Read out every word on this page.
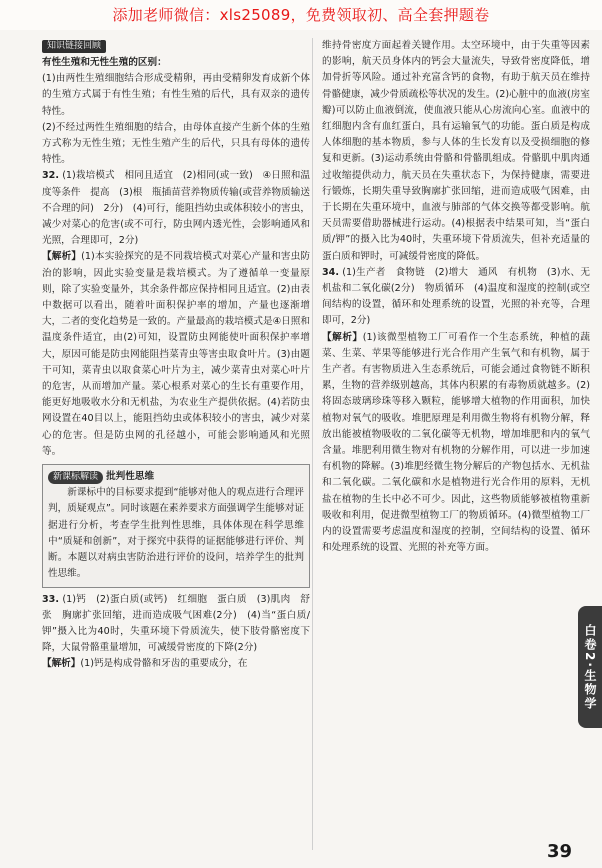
添加老师微信：xls25089，免费领取初、高全套押题卷
知识链接回顾

有性生殖和无性生殖的区别：

(1)由两性生殖细胞结合形成受精卵，再由受精卵发育成新个体的生殖方式属于有性生殖；有性生殖的后代，具有双亲的遗传特性。

(2)不经过两性生殖细胞的结合，由母体直接产生新个体的生殖方式称为无性生殖；无性生殖产生的后代，只具有母体的遗传特性。

32. (1)栽培模式　相同且适宜　(2)相同(或一致)　④日照和温度等条件　提高　(3)根　瓶插苗营养物质传输(或营养物质输送不合理的问)　2分)　(4)可行，能阻挡幼虫或体积较小的害虫，减少对菜心的危害(或不可行，防虫网内透光性，会影响通风和光照，合理即可，2分)

【解析】(1)本实验探究的是不同栽培模式对菜心产量和害虫防治的影响，因此实验变量是栽培模式。为了遵循单一变量原则，除了实验变量外，其余条件都应保持相同且适宜。(2)由表中数据可以看出，随着叶面积保护率的增加，产量也逐渐增大，二者的变化趋势是一致的。产量最高的栽培模式是④日照和温度条件适宜，由(2)可知，设置防虫网能使叶面积保护率增大，原因可能是防虫网能阻挡菜青虫等害虫取食叶片。(3)由题干可知，菜青虫以取食菜心叶片为主，减少菜青虫对菜心叶片的危害，从而增加产量。菜心根系对菜心的生长有重要作用，能更好地吸收水分和无机盐，为农业生产提供依据。(4)若防虫网设置在40目以上，能阻挡幼虫或体积较小的害虫，减少对菜心的危害。但是防虫网的孔径越小，可能会影响通风和光照等。

新课标解读 批判性思维

新课标中的目标要求提到“能够对他人的观点进行合理评判，质疑观点”。同时该题在素养要求方面强调学生能够对证据进行分析，考查学生批判性思维，具体体现在科学思维中“质疑和创新”，对于探究中获得的证据能够进行评价、判断。本题以对病虫害防治进行评价的设问，培养学生的批判性思维。

33. (1)钙　(2)蛋白质(或钙)　红细胞　蛋白质　(3)肌肉　舒张　胸廓扩张回缩，进而造成吸气困难(2分)　(4)当“蛋白质/钾”摄入比为40时，失重环境下骨质流失，使下肢骨骼密度下降，大鼠骨骼重量增加，可减缓骨密度的下降(2分)

【解析】(1)钙是构成骨骼和牙齿的重要成分，在

维持骨密度方面起着关键作用。太空环境中，由于失重等因素的影响，航天员身体内的钙会大量流失，导致骨密度降低，增加骨折等风险。通过补充富含钙的食物，有助于航天员在维持骨骼健康，减少骨质疏松等状况的发生。(2)心脏中的血液(房室瓣)可以防止血液倒流，使血液只能从心房流向心室。血液中的红细胞内含有血红蛋白，具有运输氧气的功能。蛋白质是构成人体细胞的基本物质，参与人体的生长发育以及受损细胞的修复和更新。(3)运动系统由骨骼和骨骼肌组成。骨骼肌中肌肉通过收缩提供动力，航天员在失重状态下，为保持健康，需要进行锻炼，长期失重导致胸廓扩张回缩，进而造成吸气困难，由于长期在失重环境中，血液与肺部的气体交换等都受影响。航天员需要借助器械进行运动。(4)根据表中结果可知，当“蛋白质/钾”的摄入比为40时，失重环境下骨质流失，但补充适量的蛋白质和钾时，可减缓骨密度的降低。

34. (1)生产者　食物链　(2)增大　通风　有机物　(3)水、无机盐和二氧化碳(2分)　物质循环　(4)温度和湿度的控制(或空间结构的设置，循环和处理系统的设置，光照的补充等，合理即可，2分)

【解析】(1)该微型植物工厂可看作一个生态系统，种植的蔬菜、生菜、苹果等能够进行光合作用产生氧气和有机物，属于生产者。有害物质进入生态系统后，可能会通过食物链不断积累，生物的营养级别越高，其体内积累的有毒物质就越多。(2)将固态玻璃珍珠等移入颗粒，能够增大植物的作用面积，加快植物对氧气的吸收。堆肥原理是利用微生物将有机物分解，释放出能被植物吸收的二氧化碳等无机物，增加堆肥和内的氧气含量。堆肥利用微生物对有机物的分解作用，可以进一步加速有机物的降解。(3)堆肥经微生物分解后的产物包括水、无机盐和二氧化碳。二氧化碳和水是植物进行光合作用的原料，无机盐在植物的生长中必不可少。因此，这些物质能够被植物重新吸收和利用，促进微型植物工厂的物质循环。(4)微型植物工厂内的设置需要考虑温度和湿度的控制，空间结构的设置、循环和处理系统的设置、光照的补充等方面。

白卷2·生物学
39
